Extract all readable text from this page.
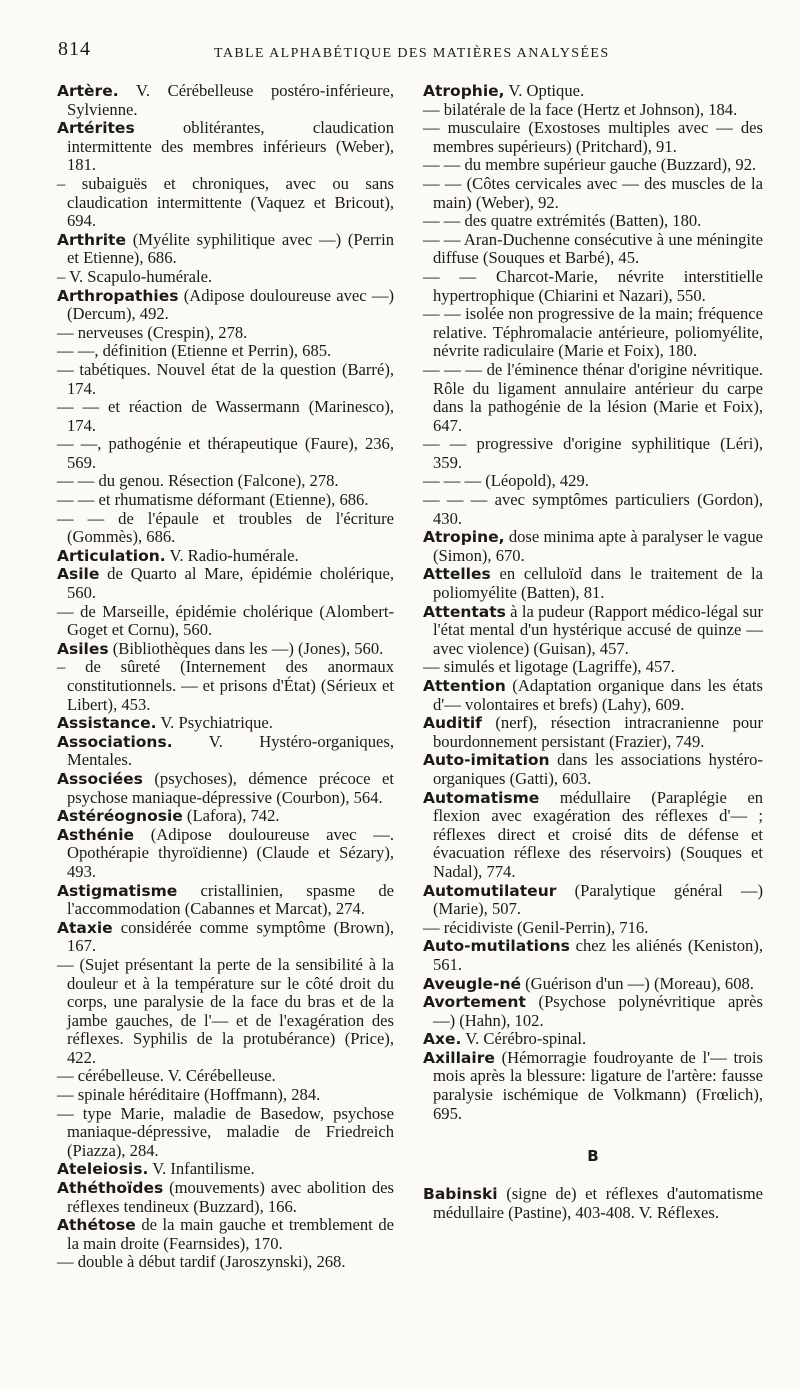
814	TABLE ALPHABÉTIQUE DES MATIÈRES ANALYSÉES

Artère. V. Cérébelleuse postéro-inférieure, Sylvienne.

Artérites oblitérantes, claudication intermittente des membres inférieurs (Weber), 181.

– subaiguës et chroniques, avec ou sans claudication intermittente (Vaquez et Bricout), 694.

Arthrite (Myélite syphilitique avec —) (Perrin et Etienne), 686.

– V. Scapulo-humérale.

Arthropathies (Adipose douloureuse avec —) (Dercum), 492.

— nerveuses (Crespin), 278.

— —, définition (Etienne et Perrin), 685.

— tabétiques. Nouvel état de la question (Barré), 174.

— — et réaction de Wassermann (Marinesco), 174.

— —, pathogénie et thérapeutique (Faure), 236, 569.

— — du genou. Résection (Falcone), 278.

— — et rhumatisme déformant (Etienne), 686.

— — de l'épaule et troubles de l'écriture (Gommès), 686.

Articulation. V. Radio-humérale.

Asile de Quarto al Mare, épidémie cholérique, 560.

— de Marseille, épidémie cholérique (Alombert-Goget et Cornu), 560.

Asiles (Bibliothèques dans les —) (Jones), 560.

– de sûreté (Internement des anormaux constitutionnels. — et prisons d'État) (Sérieux et Libert), 453.

Assistance. V. Psychiatrique.

Associations. V. Hystéro-organiques, Mentales.

Associées (psychoses), démence précoce et psychose maniaque-dépressive (Courbon), 564.

Astéréognosie (Lafora), 742.

Asthénie (Adipose douloureuse avec —. Opothérapie thyroïdienne) (Claude et Sézary), 493.

Astigmatisme cristallinien, spasme de l'accommodation (Cabannes et Marcat), 274.

Ataxie considérée comme symptôme (Brown), 167.

— (Sujet présentant la perte de la sensibilité à la douleur et à la température sur le côté droit du corps, une paralysie de la face du bras et de la jambe gauches, de l'— et de l'exagération des réflexes. Syphilis de la protubérance) (Price), 422.

— cérébelleuse. V. Cérébelleuse.

— spinale héréditaire (Hoffmann), 284.

— type Marie, maladie de Basedow, psychose maniaque-dépressive, maladie de Friedreich (Piazza), 284.

Ateleiosis. V. Infantilisme.

Athéthoïdes (mouvements) avec abolition des réflexes tendineux (Buzzard), 166.

Athétose de la main gauche et tremblement de la main droite (Fearnsides), 170.

— double à début tardif (Jaroszynski), 268.

Atrophie, V. Optique.

— bilatérale de la face (Hertz et Johnson), 184.

— musculaire (Exostoses multiples avec — des membres supérieurs) (Pritchard), 91.

— — du membre supérieur gauche (Buzzard), 92.

— — (Côtes cervicales avec — des muscles de la main) (Weber), 92.

— — des quatre extrémités (Batten), 180.

— — Aran-Duchenne consécutive à une méningite diffuse (Souques et Barbé), 45.

— — Charcot-Marie, névrite interstitielle hypertrophique (Chiarini et Nazari), 550.

— — isolée non progressive de la main; fréquence relative. Téphromalacie antérieure, poliomyélite, névrite radiculaire (Marie et Foix), 180.

— — — de l'éminence thénar d'origine névritique. Rôle du ligament annulaire antérieur du carpe dans la pathogénie de la lésion (Marie et Foix), 647.

— — progressive d'origine syphilitique (Léri), 359.

— — — (Léopold), 429.

— — — avec symptômes particuliers (Gordon), 430.

Atropine, dose minima apte à paralyser le vague (Simon), 670.

Attelles en celluloïd dans le traitement de la poliomyélite (Batten), 81.

Attentats à la pudeur (Rapport médico-légal sur l'état mental d'un hystérique accusé de quinze — avec violence) (Guisan), 457.

— simulés et ligotage (Lagriffe), 457.

Attention (Adaptation organique dans les états d'— volontaires et brefs) (Lahy), 609.

Auditif (nerf), résection intracranienne pour bourdonnement persistant (Frazier), 749.

Auto-imitation dans les associations hystéro-organiques (Gatti), 603.

Automatisme médullaire (Paraplégie en flexion avec exagération des réflexes d'— ; réflexes direct et croisé dits de défense et évacuation réflexe des réservoirs) (Souques et Nadal), 774.

Automutilateur (Paralytique général —) (Marie), 507.

— récidiviste (Genil-Perrin), 716.

Auto-mutilations chez les aliénés (Keniston), 561.

Aveugle-né (Guérison d'un —) (Moreau), 608.

Avortement (Psychose polynévritique après —) (Hahn), 102.

Axe. V. Cérébro-spinal.

Axillaire (Hémorragie foudroyante de l'— trois mois après la blessure: ligature de l'artère: fausse paralysie ischémique de Volkmann) (Frœlich), 695.

B

Babinski (signe de) et réflexes d'automatisme médullaire (Pastine), 403-408. V. Réflexes.
